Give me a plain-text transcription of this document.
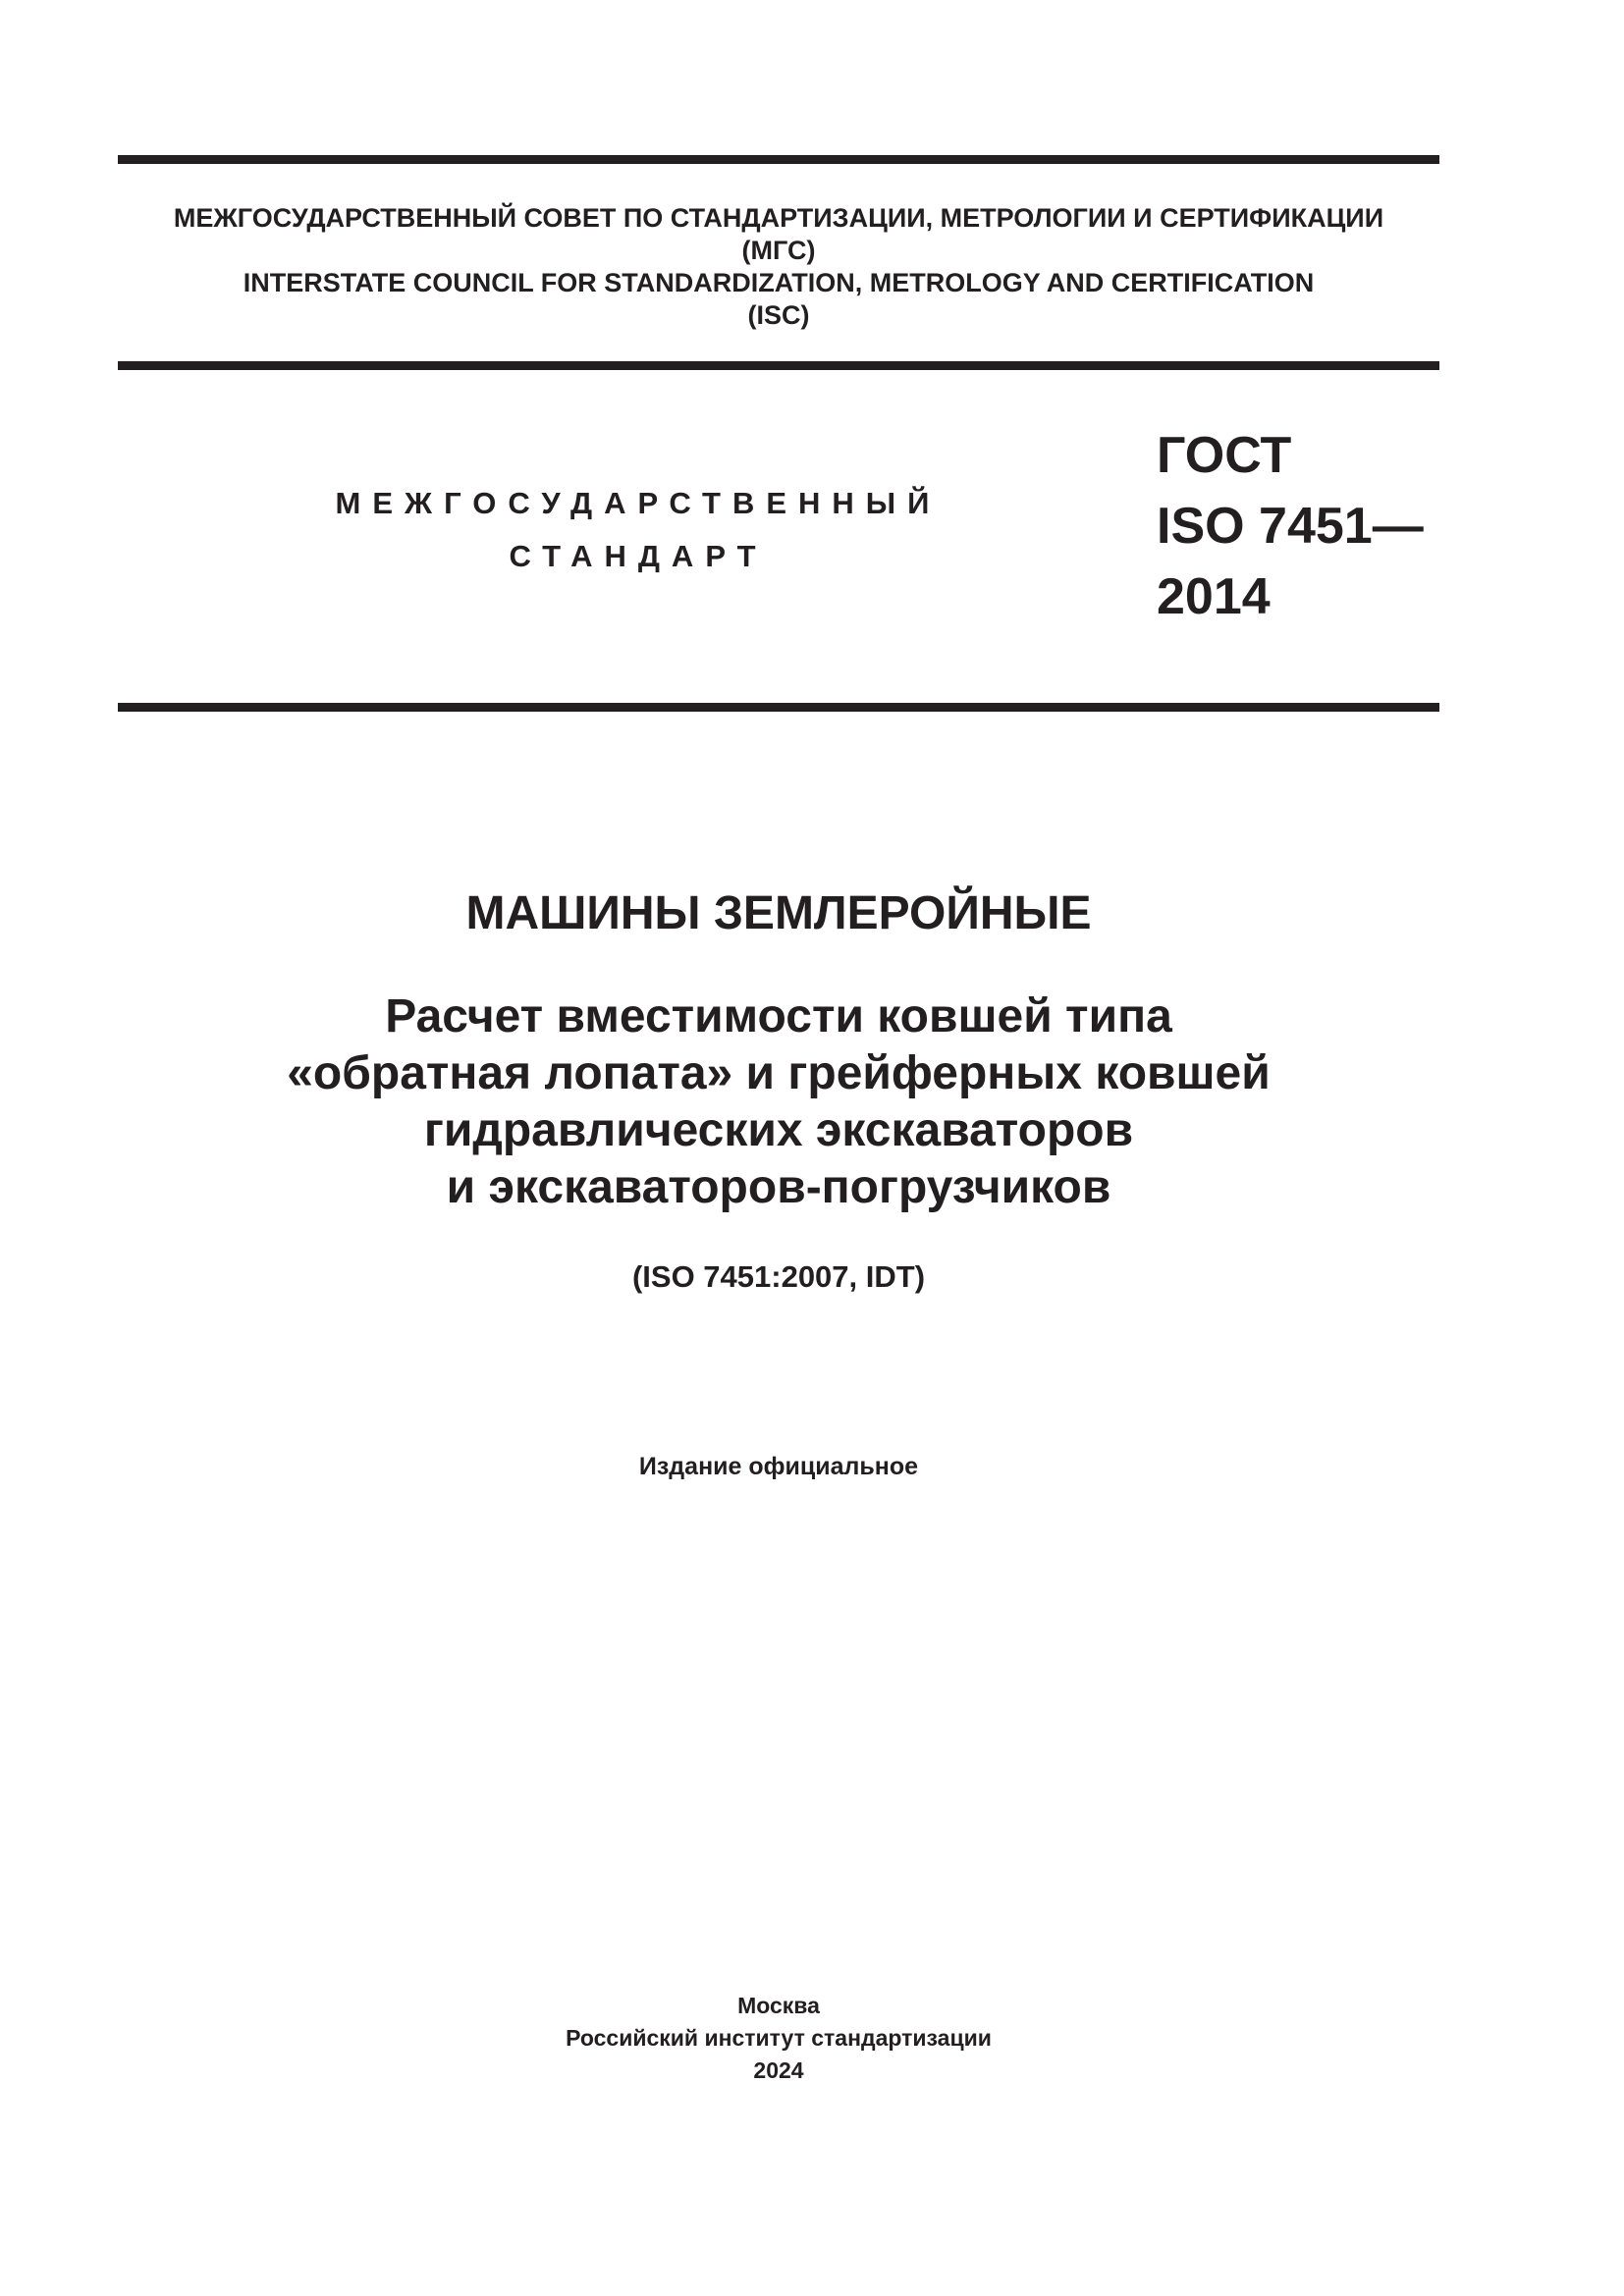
МЕЖГОСУДАРСТВЕННЫЙ СОВЕТ ПО СТАНДАРТИЗАЦИИ, МЕТРОЛОГИИ И СЕРТИФИКАЦИИ
(МГС)
INTERSTATE COUNCIL FOR STANDARDIZATION, METROLOGY AND CERTIFICATION
(ISC)
МЕЖГОСУДАРСТВЕННЫЙ
СТАНДАРТ
ГОСТ
ISO 7451—
2014
МАШИНЫ ЗЕМЛЕРОЙНЫЕ
Расчет вместимости ковшей типа
«обратная лопата» и грейферных ковшей
гидравлических экскаваторов
и экскаваторов-погрузчиков
(ISO 7451:2007, IDT)
Издание официальное
Москва
Российский институт стандартизации
2024
